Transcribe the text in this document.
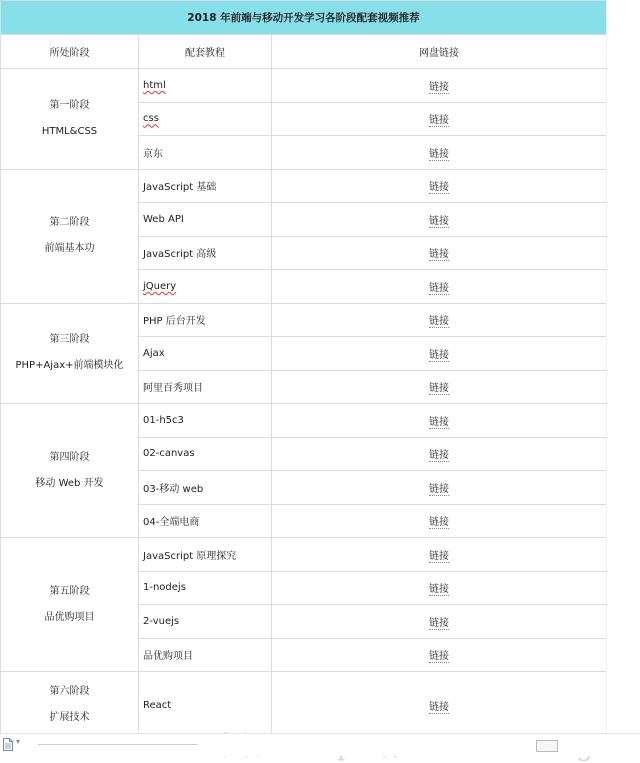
2018 年前端与移动开发学习各阶段配套视频推荐		
所处阶段	配套教程	网盘链接

第一阶段
HTML&CSS	html	链接
	css	链接
	京东	链接

第二阶段
前端基本功	JavaScript 基础	链接
	Web API	链接
	JavaScript 高级	链接
	jQuery	链接

第三阶段
PHP+Ajax+前端模块化	PHP 后台开发	链接
	Ajax	链接
	阿里百秀项目	链接

第四阶段
移动 Web 开发	01-h5c3	链接
	02-canvas	链接
	03-移动 web	链接
	04-全端电商	链接

第五阶段
品优购项目	JavaScript 原理探究	链接
	1-nodejs	链接
	2-vuejs	链接
	品优购项目	链接

第六阶段
扩展技术	React	链接
▾
